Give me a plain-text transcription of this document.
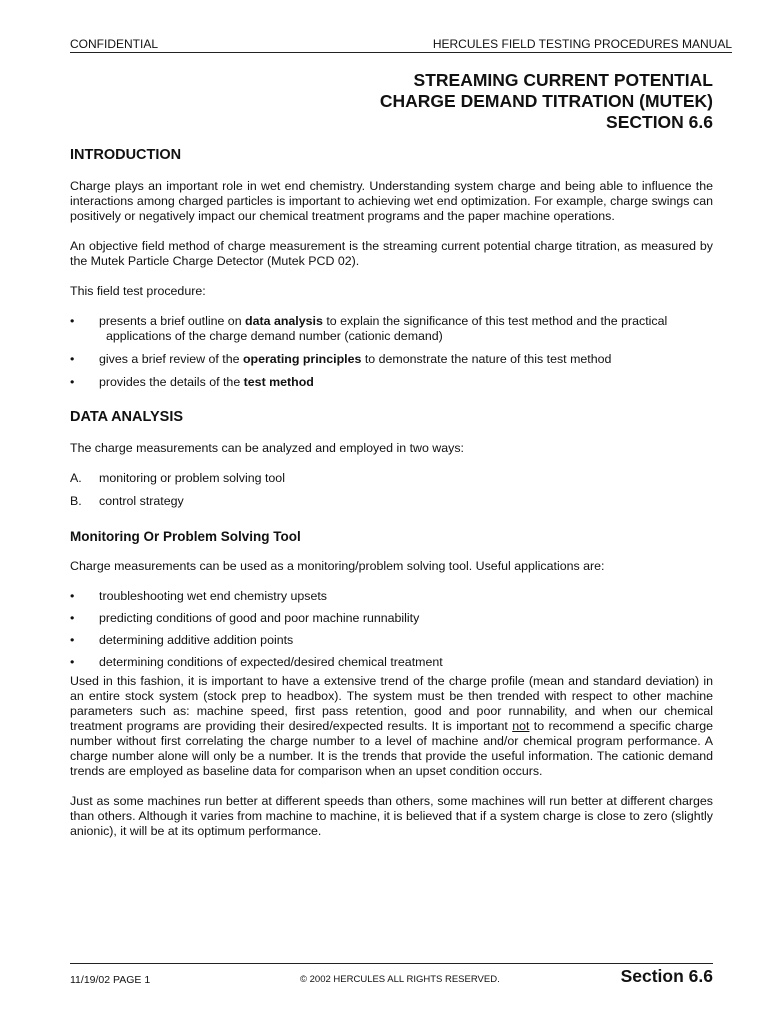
CONFIDENTIAL	HERCULES FIELD TESTING PROCEDURES MANUAL
STREAMING CURRENT POTENTIAL
CHARGE DEMAND TITRATION (MUTEK)
SECTION 6.6
INTRODUCTION

Charge plays an important role in wet end chemistry. Understanding system charge and being able to influence the interactions among charged particles is important to achieving wet end optimization. For example, charge swings can positively or negatively impact our chemical treatment programs and the paper machine operations.

An objective field method of charge measurement is the streaming current potential charge titration, as measured by the Mutek Particle Charge Detector (Mutek PCD 02).

This field test procedure:

• presents a brief outline on data analysis to explain the significance of this test method and the practical
applications of the charge demand number (cationic demand)
• gives a brief review of the operating principles to demonstrate the nature of this test method
• provides the details of the test method
DATA ANALYSIS

The charge measurements can be analyzed and employed in two ways:

A. monitoring or problem solving tool
B. control strategy
Monitoring Or Problem Solving Tool

Charge measurements can be used as a monitoring/problem solving tool. Useful applications are:

• troubleshooting wet end chemistry upsets
• predicting conditions of good and poor machine runnability
• determining additive addition points
• determining conditions of expected/desired chemical treatment

Used in this fashion, it is important to have a extensive trend of the charge profile (mean and standard deviation) in an entire stock system (stock prep to headbox). The system must be then trended with respect to other machine parameters such as: machine speed, first pass retention, good and poor runnability, and when our chemical treatment programs are providing their desired/expected results. It is important not to recommend a specific charge number without first correlating the charge number to a level of machine and/or chemical program performance. A charge number alone will only be a number. It is the trends that provide the useful information. The cationic demand trends are employed as baseline data for comparison when an upset condition occurs.

Just as some machines run better at different speeds than others, some machines will run better at different charges than others. Although it varies from machine to machine, it is believed that if a system charge is close to zero (slightly anionic), it will be at its optimum performance.

11/19/02 PAGE 1	© 2002 HERCULES ALL RIGHTS RESERVED.	Section 6.6
